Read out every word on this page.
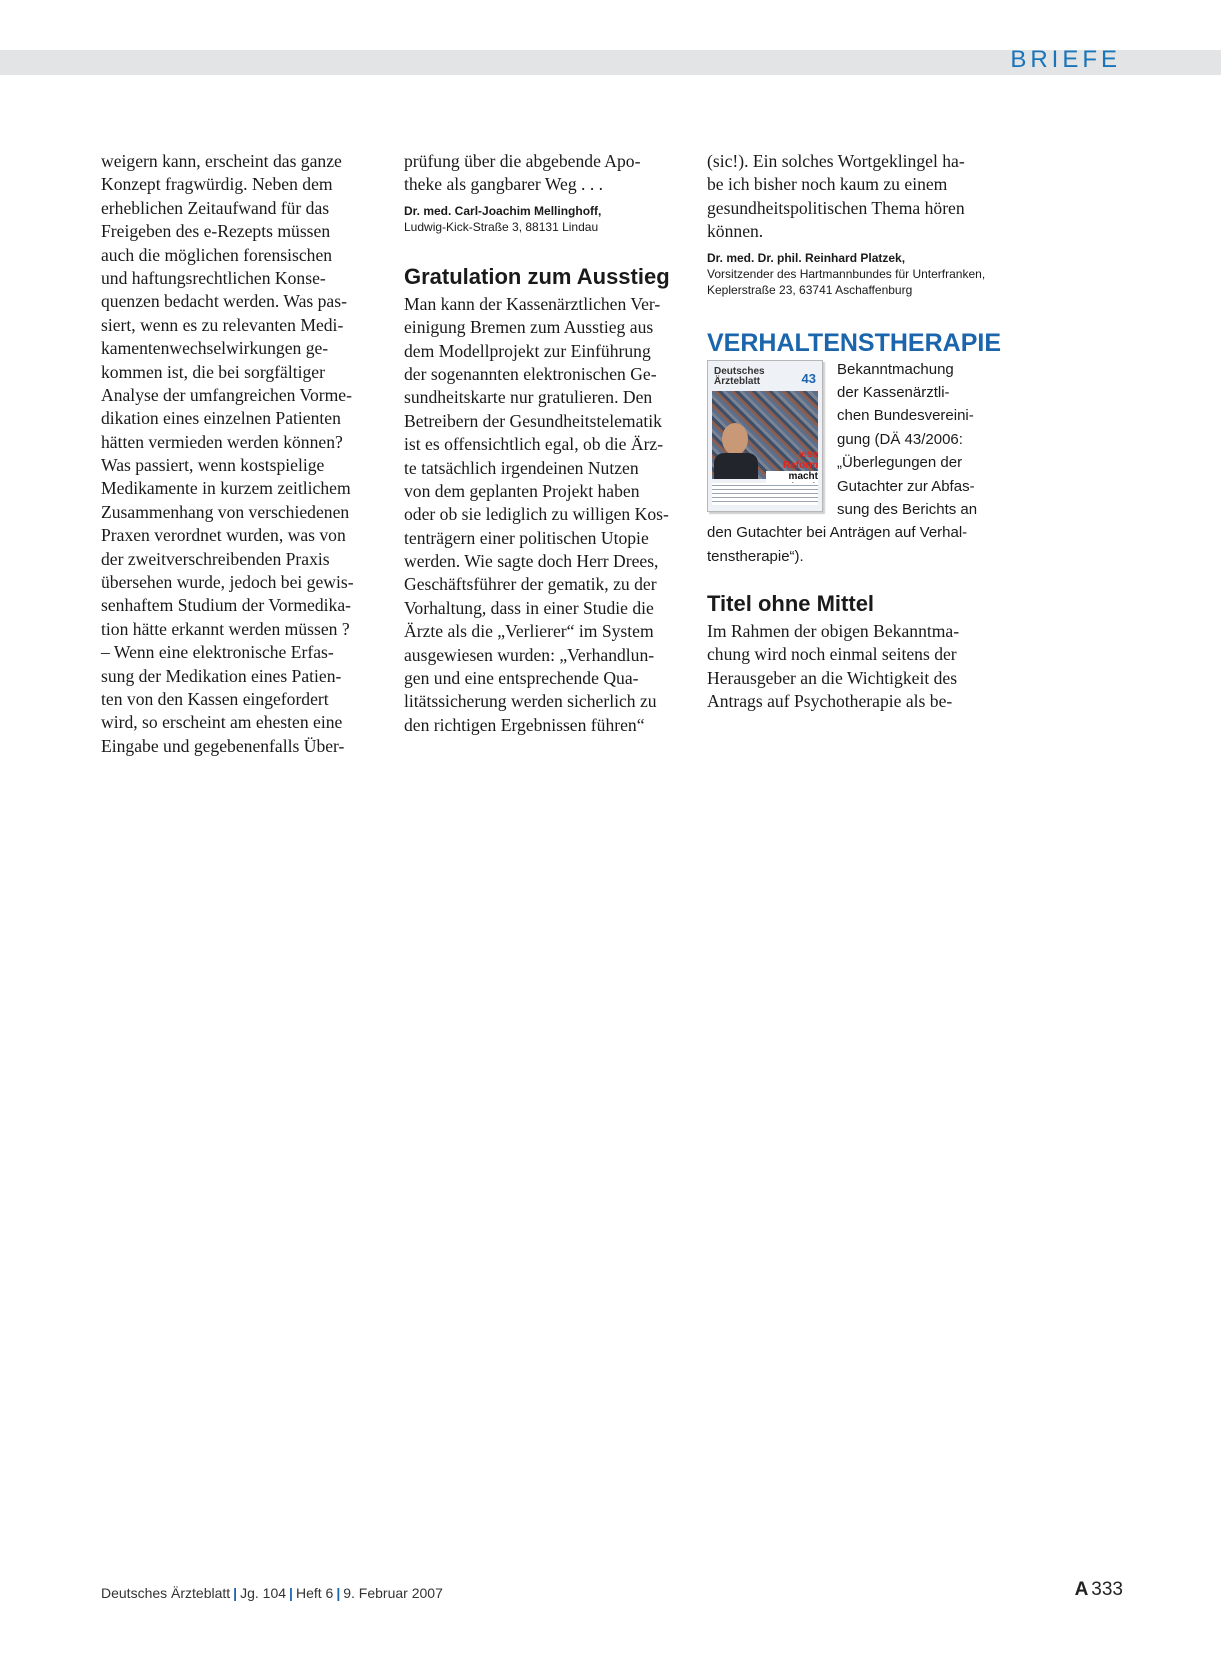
BRIEFE
weigern kann, erscheint das ganze
Konzept fragwürdig. Neben dem
erheblichen Zeitaufwand für das
Freigeben des e-Rezepts müssen
auch die möglichen forensischen
und haftungsrechtlichen Konse-
quenzen bedacht werden. Was pas-
siert, wenn es zu relevanten Medi-
kamentenwechselwirkungen ge-
kommen ist, die bei sorgfältiger
Analyse der umfangreichen Vorme-
dikation eines einzelnen Patienten
hätten vermieden werden können?
Was passiert, wenn kostspielige
Medikamente in kurzem zeitlichem
Zusammenhang von verschiedenen
Praxen verordnet wurden, was von
der zweitverschreibenden Praxis
übersehen wurde, jedoch bei gewis-
senhaftem Studium der Vormedika-
tion hätte erkannt werden müssen ?
– Wenn eine elektronische Erfas-
sung der Medikation eines Patien-
ten von den Kassen eingefordert
wird, so erscheint am ehesten eine
Eingabe und gegebenenfalls Über-
prüfung über die abgebende Apo-
theke als gangbarer Weg . . .
Dr. med. Carl-Joachim Mellinghoff,
Ludwig-Kick-Straße 3, 88131 Lindau
Gratulation zum Ausstieg
Man kann der Kassenärztlichen Ver-
einigung Bremen zum Ausstieg aus
dem Modellprojekt zur Einführung
der sogenannten elektronischen Ge-
sundheitskarte nur gratulieren. Den
Betreibern der Gesundheitstelematik
ist es offensichtlich egal, ob die Ärz-
te tatsächlich irgendeinen Nutzen
von dem geplanten Projekt haben
oder ob sie lediglich zu willigen Kos-
tenträgern einer politischen Utopie
werden. Wie sagte doch Herr Drees,
Geschäftsführer der gematik, zu der
Vorhaltung, dass in einer Studie die
Ärzte als die „Verlierer“ im System
ausgewiesen wurden: „Verhandlun-
gen und eine entsprechende Qua-
litätssicherung werden sicherlich zu
den richtigen Ergebnissen führen“
(sic!). Ein solches Wortgeklingel ha-
be ich bisher noch kaum zu einem
gesundheitspolitischen Thema hören
können.
Dr. med. Dr. phil. Reinhard Platzek,
Vorsitzender des Hartmannbundes für Unterfranken,
Keplerstraße 23, 63741 Aschaffenburg
VERHALTENSTHERAPIE
Deutsches
Ärzteblatt	43
iese Reform
macht
Bekanntmachung
der Kassenärztli-
chen Bundesvereini-
gung (DÄ 43/2006:
„Überlegungen der
Gutachter zur Abfas-
sung des Berichts an
den Gutachter bei Anträgen auf Verhal-
tenstherapie“).
Titel ohne Mittel
Im Rahmen der obigen Bekanntma-
chung wird noch einmal seitens der
Herausgeber an die Wichtigkeit des
Antrags auf Psychotherapie als be-
Deutsches Ärzteblatt | Jg. 104 | Heft 6 | 9. Februar 2007	A 333
